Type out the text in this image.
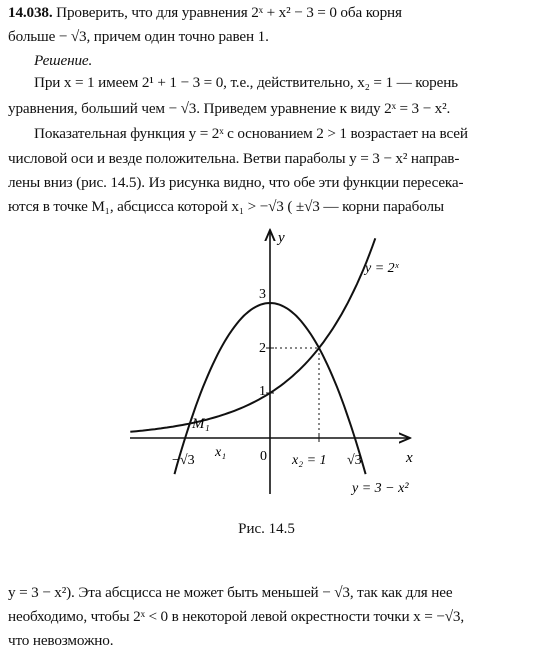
14.038. Проверить, что для уравнения 2ˣ + x² − 3 = 0 оба корня
больше − √3, причем один точно равен 1.
Решение.
При x = 1 имеем 2¹ + 1 − 3 = 0, т.е., действительно, x₂ = 1 — корень
уравнения, больший чем − √3. Приведем уравнение к виду 2ˣ = 3 − x².
Показательная функция y = 2ˣ с основанием 2 > 1 возрастает на всей
числовой оси и везде положительна. Ветви параболы y = 3 − x² направ-
лены вниз (рис. 14.5). Из рисунка видно, что обе эти функции пересека-
ются в точке M₁, абсцисса которой x₁ > −√3 ( ±√3 — корни параболы
y
x
0
1
2
3
−√3
x₁
x₂ = 1 √3
M₁
y = 2ˣ
y = 3 − x²
Рис. 14.5
y = 3 − x²). Эта абсцисса не может быть меньшей − √3, так как для нее
необходимо, чтобы 2ˣ < 0 в некоторой левой окрестности точки x = −√3,
что невозможно.
